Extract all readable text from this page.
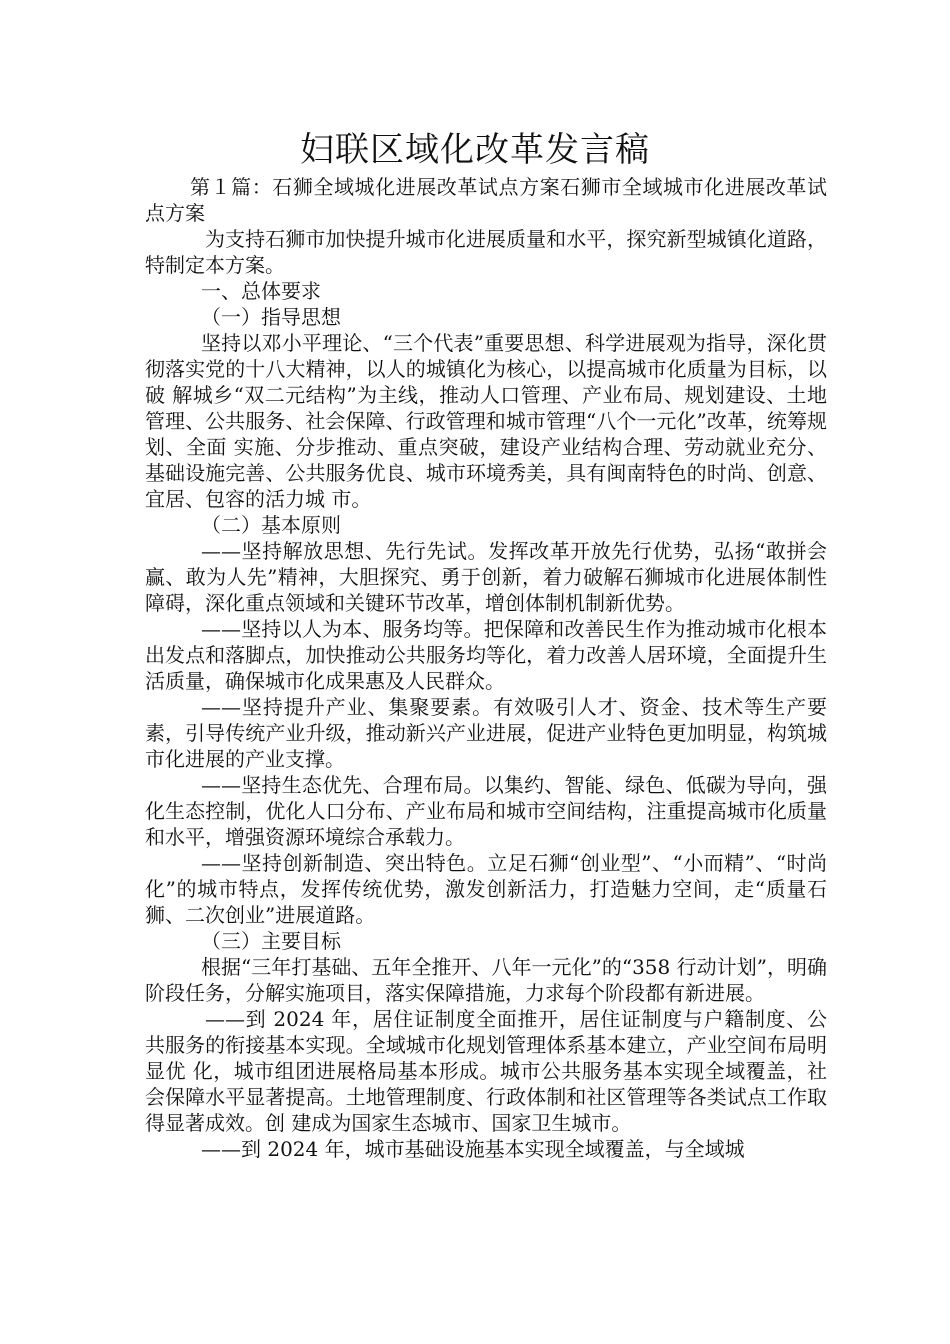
妇联区域化改革发言稿

第１篇：石狮全域城化进展改革试点方案石狮市全域城市化进展改革试点方案

为支持石狮市加快提升城市化进展质量和水平，探究新型城镇化道路，特制定本方案。

一、总体要求

（一）指导思想

坚持以邓小平理论、“三个代表”重要思想、科学进展观为指导，深化贯彻落实党的十八大精神，以人的城镇化为核心，以提高城市化质量为目标，以破 解城乡“双二元结构”为主线，推动人口管理、产业布局、规划建设、土地管理、公共服务、社会保障、行政管理和城市管理“八个一元化”改革，统筹规划、全面 实施、分步推动、重点突破，建设产业结构合理、劳动就业充分、基础设施完善、公共服务优良、城市环境秀美，具有闽南特色的时尚、创意、宜居、包容的活力城 市。

（二）基本原则

——坚持解放思想、先行先试。发挥改革开放先行优势，弘扬“敢拼会赢、敢为人先”精神，大胆探究、勇于创新，着力破解石狮城市化进展体制性障碍，深化重点领域和关键环节改革，增创体制机制新优势。

——坚持以人为本、服务均等。把保障和改善民生作为推动城市化根本出发点和落脚点，加快推动公共服务均等化，着力改善人居环境，全面提升生活质量，确保城市化成果惠及人民群众。

——坚持提升产业、集聚要素。有效吸引人才、资金、技术等生产要素，引导传统产业升级，推动新兴产业进展，促进产业特色更加明显，构筑城市化进展的产业支撑。

——坚持生态优先、合理布局。以集约、智能、绿色、低碳为导向，强化生态控制，优化人口分布、产业布局和城市空间结构，注重提高城市化质量和水平，增强资源环境综合承载力。

——坚持创新制造、突出特色。立足石狮“创业型”、“小而精”、“时尚化”的城市特点，发挥传统优势，激发创新活力，打造魅力空间，走“质量石狮、二次创业”进展道路。

（三）主要目标

根据“三年打基础、五年全推开、八年一元化”的“358 行动计划”，明确阶段任务，分解实施项目，落实保障措施，力求每个阶段都有新进展。

——到 2024 年，居住证制度全面推开，居住证制度与户籍制度、公共服务的衔接基本实现。全域城市化规划管理体系基本建立，产业空间布局明显优 化，城市组团进展格局基本形成。城市公共服务基本实现全域覆盖，社会保障水平显著提高。土地管理制度、行政体制和社区管理等各类试点工作取得显著成效。创 建成为国家生态城市、国家卫生城市。

——到 2024 年，城市基础设施基本实现全域覆盖，与全域城
